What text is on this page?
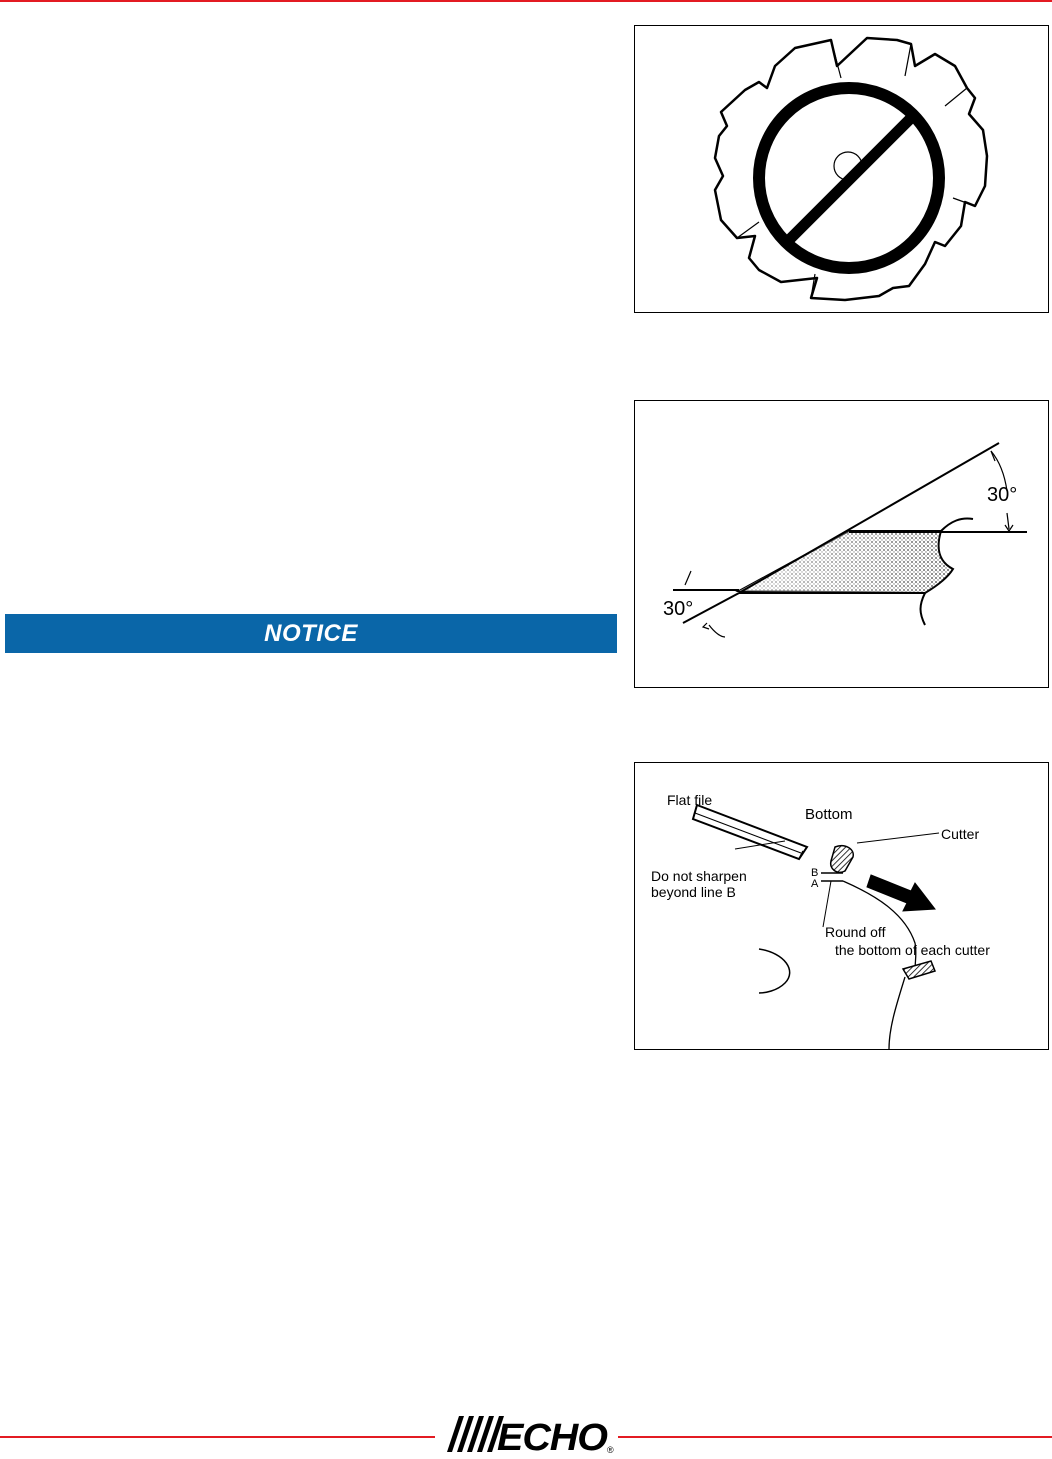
30°
30°
Flat file
Bottom
Cutter
B
A
Do not sharpen
beyond line B
Round off
the bottom of each cutter
NOTICE
ECHO ®
